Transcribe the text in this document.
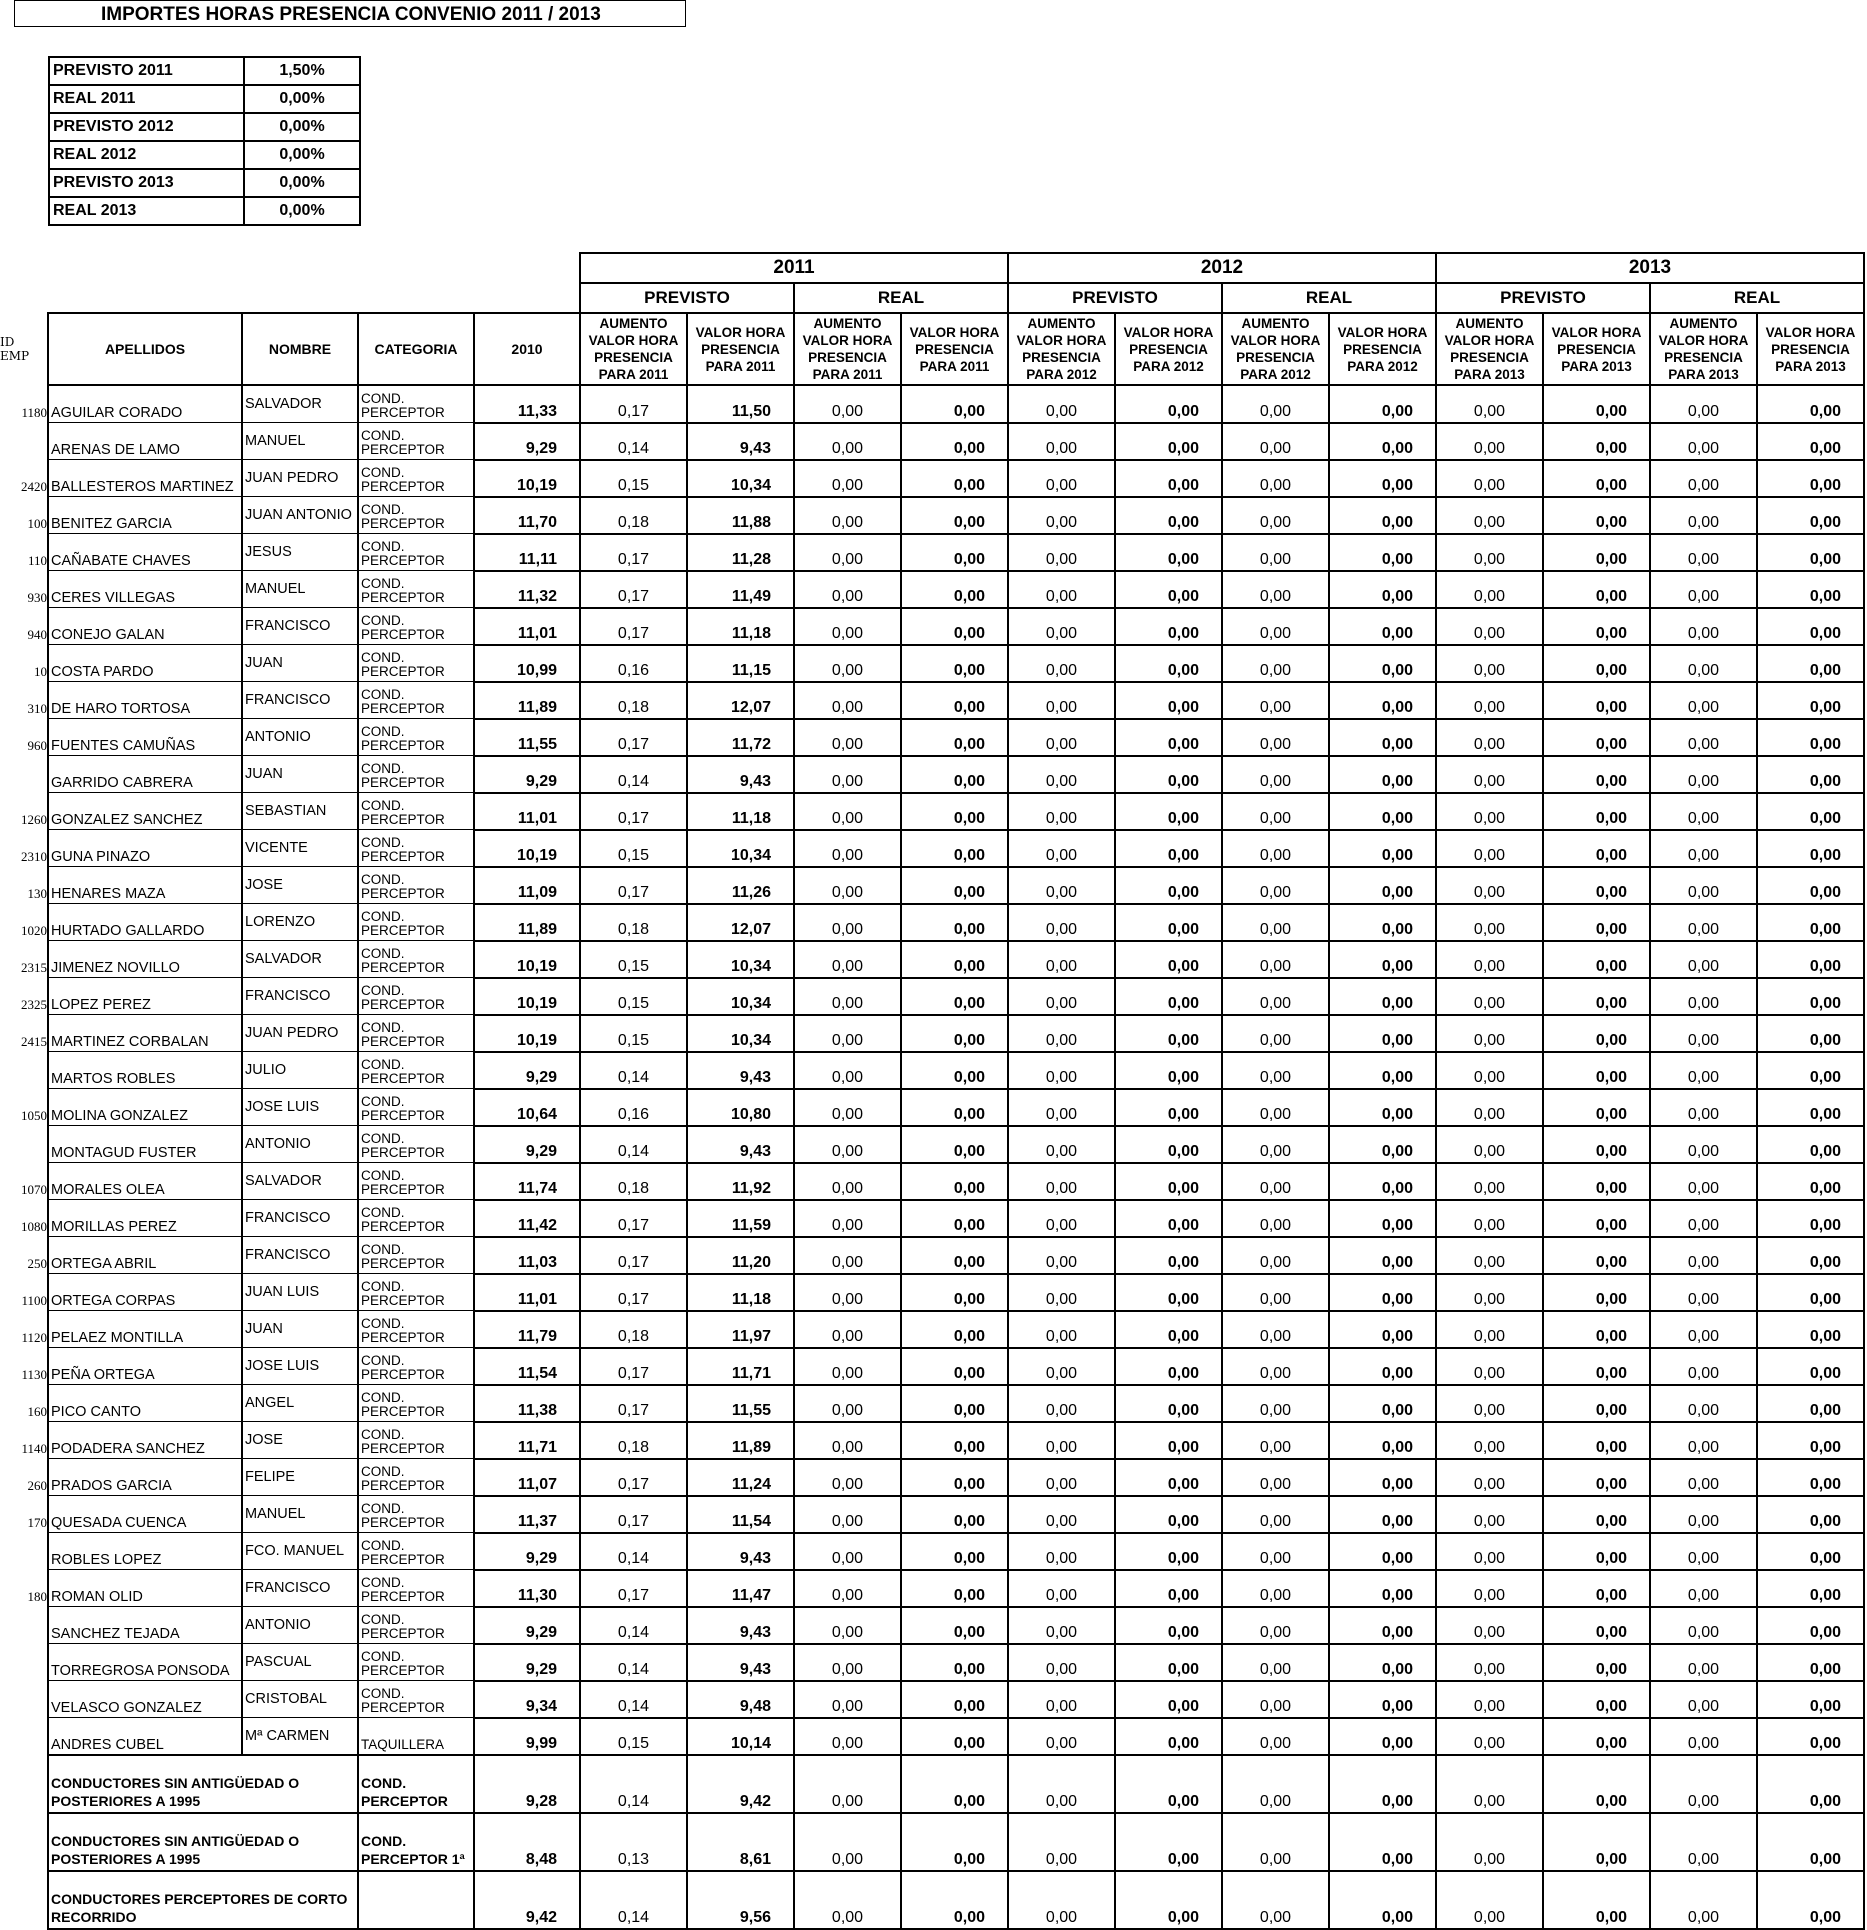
IMPORTES HORAS PRESENCIA CONVENIO 2011 / 2013
PREVISTO 2011	1,50%
REAL 2011	0,00%
PREVISTO 2012	0,00%
REAL 2012	0,00%
PREVISTO 2013	0,00%
REAL 2013	0,00%
					2011				2012				2013			
					PREVISTO		REAL		PREVISTO		REAL		PREVISTO		REAL	
ID EMP	APELLIDOS	NOMBRE	CATEGORIA	2010	AUMENTO VALOR HORA PRESENCIA PARA 2011	VALOR HORA PRESENCIA PARA 2011	AUMENTO VALOR HORA PRESENCIA PARA 2011	VALOR HORA PRESENCIA PARA 2011	AUMENTO VALOR HORA PRESENCIA PARA 2012	VALOR HORA PRESENCIA PARA 2012	AUMENTO VALOR HORA PRESENCIA PARA 2012	VALOR HORA PRESENCIA PARA 2012	AUMENTO VALOR HORA PRESENCIA PARA 2013	VALOR HORA PRESENCIA PARA 2013	AUMENTO VALOR HORA PRESENCIA PARA 2013	VALOR HORA PRESENCIA PARA 2013
1180	AGUILAR CORADO	SALVADOR	COND. PERCEPTOR	11,33	0,17	11,50	0,00	0,00	0,00	0,00	0,00	0,00	0,00	0,00	0,00	0,00
	ARENAS DE LAMO	MANUEL	COND. PERCEPTOR	9,29	0,14	9,43	0,00	0,00	0,00	0,00	0,00	0,00	0,00	0,00	0,00	0,00
2420	BALLESTEROS MARTINEZ	JUAN PEDRO	COND. PERCEPTOR	10,19	0,15	10,34	0,00	0,00	0,00	0,00	0,00	0,00	0,00	0,00	0,00	0,00
100	BENITEZ GARCIA	JUAN ANTONIO	COND. PERCEPTOR	11,70	0,18	11,88	0,00	0,00	0,00	0,00	0,00	0,00	0,00	0,00	0,00	0,00
110	CAÑABATE CHAVES	JESUS	COND. PERCEPTOR	11,11	0,17	11,28	0,00	0,00	0,00	0,00	0,00	0,00	0,00	0,00	0,00	0,00
930	CERES VILLEGAS	MANUEL	COND. PERCEPTOR	11,32	0,17	11,49	0,00	0,00	0,00	0,00	0,00	0,00	0,00	0,00	0,00	0,00
940	CONEJO GALAN	FRANCISCO	COND. PERCEPTOR	11,01	0,17	11,18	0,00	0,00	0,00	0,00	0,00	0,00	0,00	0,00	0,00	0,00
10	COSTA PARDO	JUAN	COND. PERCEPTOR	10,99	0,16	11,15	0,00	0,00	0,00	0,00	0,00	0,00	0,00	0,00	0,00	0,00
310	DE HARO TORTOSA	FRANCISCO	COND. PERCEPTOR	11,89	0,18	12,07	0,00	0,00	0,00	0,00	0,00	0,00	0,00	0,00	0,00	0,00
960	FUENTES CAMUÑAS	ANTONIO	COND. PERCEPTOR	11,55	0,17	11,72	0,00	0,00	0,00	0,00	0,00	0,00	0,00	0,00	0,00	0,00
	GARRIDO CABRERA	JUAN	COND. PERCEPTOR	9,29	0,14	9,43	0,00	0,00	0,00	0,00	0,00	0,00	0,00	0,00	0,00	0,00
1260	GONZALEZ SANCHEZ	SEBASTIAN	COND. PERCEPTOR	11,01	0,17	11,18	0,00	0,00	0,00	0,00	0,00	0,00	0,00	0,00	0,00	0,00
2310	GUNA PINAZO	VICENTE	COND. PERCEPTOR	10,19	0,15	10,34	0,00	0,00	0,00	0,00	0,00	0,00	0,00	0,00	0,00	0,00
130	HENARES MAZA	JOSE	COND. PERCEPTOR	11,09	0,17	11,26	0,00	0,00	0,00	0,00	0,00	0,00	0,00	0,00	0,00	0,00
1020	HURTADO GALLARDO	LORENZO	COND. PERCEPTOR	11,89	0,18	12,07	0,00	0,00	0,00	0,00	0,00	0,00	0,00	0,00	0,00	0,00
2315	JIMENEZ NOVILLO	SALVADOR	COND. PERCEPTOR	10,19	0,15	10,34	0,00	0,00	0,00	0,00	0,00	0,00	0,00	0,00	0,00	0,00
2325	LOPEZ PEREZ	FRANCISCO	COND. PERCEPTOR	10,19	0,15	10,34	0,00	0,00	0,00	0,00	0,00	0,00	0,00	0,00	0,00	0,00
2415	MARTINEZ CORBALAN	JUAN PEDRO	COND. PERCEPTOR	10,19	0,15	10,34	0,00	0,00	0,00	0,00	0,00	0,00	0,00	0,00	0,00	0,00
	MARTOS ROBLES	JULIO	COND. PERCEPTOR	9,29	0,14	9,43	0,00	0,00	0,00	0,00	0,00	0,00	0,00	0,00	0,00	0,00
1050	MOLINA GONZALEZ	JOSE LUIS	COND. PERCEPTOR	10,64	0,16	10,80	0,00	0,00	0,00	0,00	0,00	0,00	0,00	0,00	0,00	0,00
	MONTAGUD FUSTER	ANTONIO	COND. PERCEPTOR	9,29	0,14	9,43	0,00	0,00	0,00	0,00	0,00	0,00	0,00	0,00	0,00	0,00
1070	MORALES OLEA	SALVADOR	COND. PERCEPTOR	11,74	0,18	11,92	0,00	0,00	0,00	0,00	0,00	0,00	0,00	0,00	0,00	0,00
1080	MORILLAS PEREZ	FRANCISCO	COND. PERCEPTOR	11,42	0,17	11,59	0,00	0,00	0,00	0,00	0,00	0,00	0,00	0,00	0,00	0,00
250	ORTEGA ABRIL	FRANCISCO	COND. PERCEPTOR	11,03	0,17	11,20	0,00	0,00	0,00	0,00	0,00	0,00	0,00	0,00	0,00	0,00
1100	ORTEGA CORPAS	JUAN LUIS	COND. PERCEPTOR	11,01	0,17	11,18	0,00	0,00	0,00	0,00	0,00	0,00	0,00	0,00	0,00	0,00
1120	PELAEZ MONTILLA	JUAN	COND. PERCEPTOR	11,79	0,18	11,97	0,00	0,00	0,00	0,00	0,00	0,00	0,00	0,00	0,00	0,00
1130	PEÑA ORTEGA	JOSE LUIS	COND. PERCEPTOR	11,54	0,17	11,71	0,00	0,00	0,00	0,00	0,00	0,00	0,00	0,00	0,00	0,00
160	PICO CANTO	ANGEL	COND. PERCEPTOR	11,38	0,17	11,55	0,00	0,00	0,00	0,00	0,00	0,00	0,00	0,00	0,00	0,00
1140	PODADERA SANCHEZ	JOSE	COND. PERCEPTOR	11,71	0,18	11,89	0,00	0,00	0,00	0,00	0,00	0,00	0,00	0,00	0,00	0,00
260	PRADOS GARCIA	FELIPE	COND. PERCEPTOR	11,07	0,17	11,24	0,00	0,00	0,00	0,00	0,00	0,00	0,00	0,00	0,00	0,00
170	QUESADA CUENCA	MANUEL	COND. PERCEPTOR	11,37	0,17	11,54	0,00	0,00	0,00	0,00	0,00	0,00	0,00	0,00	0,00	0,00
	ROBLES LOPEZ	FCO. MANUEL	COND. PERCEPTOR	9,29	0,14	9,43	0,00	0,00	0,00	0,00	0,00	0,00	0,00	0,00	0,00	0,00
180	ROMAN OLID	FRANCISCO	COND. PERCEPTOR	11,30	0,17	11,47	0,00	0,00	0,00	0,00	0,00	0,00	0,00	0,00	0,00	0,00
	SANCHEZ TEJADA	ANTONIO	COND. PERCEPTOR	9,29	0,14	9,43	0,00	0,00	0,00	0,00	0,00	0,00	0,00	0,00	0,00	0,00
	TORREGROSA PONSODA	PASCUAL	COND. PERCEPTOR	9,29	0,14	9,43	0,00	0,00	0,00	0,00	0,00	0,00	0,00	0,00	0,00	0,00
	VELASCO GONZALEZ	CRISTOBAL	COND. PERCEPTOR	9,34	0,14	9,48	0,00	0,00	0,00	0,00	0,00	0,00	0,00	0,00	0,00	0,00
	ANDRES CUBEL	Mª CARMEN	TAQUILLERA	9,99	0,15	10,14	0,00	0,00	0,00	0,00	0,00	0,00	0,00	0,00	0,00	0,00
	CONDUCTORES SIN ANTIGÜEDAD O POSTERIORES A 1995		COND. PERCEPTOR	9,28	0,14	9,42	0,00	0,00	0,00	0,00	0,00	0,00	0,00	0,00	0,00	0,00
	CONDUCTORES SIN ANTIGÜEDAD O POSTERIORES A 1995		COND. PERCEPTOR 1ª	8,48	0,13	8,61	0,00	0,00	0,00	0,00	0,00	0,00	0,00	0,00	0,00	0,00
	CONDUCTORES PERCEPTORES DE CORTO RECORRIDO			9,42	0,14	9,56	0,00	0,00	0,00	0,00	0,00	0,00	0,00	0,00	0,00	0,00
